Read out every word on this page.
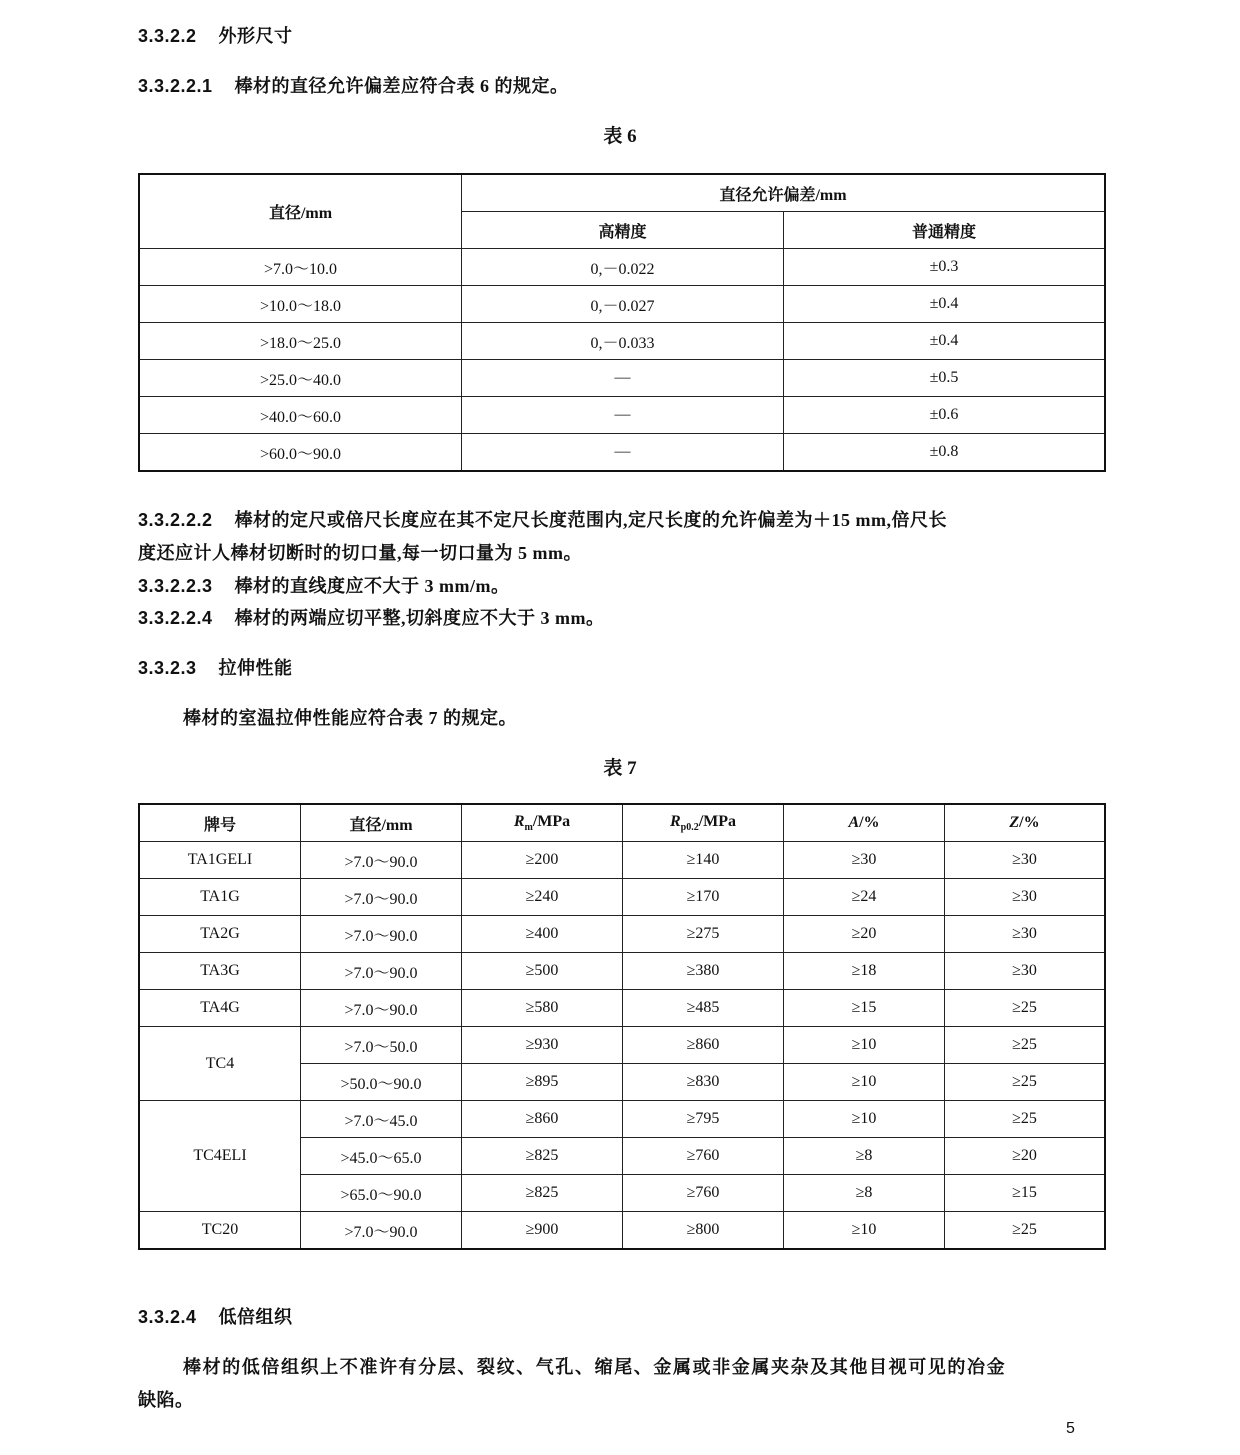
3.3.2.2 外形尺寸
3.3.2.2.1 棒材的直径允许偏差应符合表 6 的规定。
表 6
直径/mm	直径允许偏差/mm	
	高精度	普通精度
>7.0～10.0	0,－0.022	±0.3
>10.0～18.0	0,－0.027	±0.4
>18.0～25.0	0,－0.033	±0.4
>25.0～40.0	—	±0.5
>40.0～60.0	—	±0.6
>60.0～90.0	—	±0.8
3.3.2.2.2 棒材的定尺或倍尺长度应在其不定尺长度范围内,定尺长度的允许偏差为＋15 mm,倍尺长
度还应计人棒材切断时的切口量,每一切口量为 5 mm。
3.3.2.2.3 棒材的直线度应不大于 3 mm/m。
3.3.2.2.4 棒材的两端应切平整,切斜度应不大于 3 mm。
3.3.2.3 拉伸性能
棒材的室温拉伸性能应符合表 7 的规定。
表 7
牌号	直径/mm	$R_m$/MPa	$R_{p0.2}$/MPa	A/%	Z/%
TA1GELI	>7.0～90.0	≥200	≥140	≥30	≥30
TA1G	>7.0～90.0	≥240	≥170	≥24	≥30
TA2G	>7.0～90.0	≥400	≥275	≥20	≥30
TA3G	>7.0～90.0	≥500	≥380	≥18	≥30
TA4G	>7.0～90.0	≥580	≥485	≥15	≥25
TC4	>7.0～50.0	≥930	≥860	≥10	≥25
	>50.0～90.0	≥895	≥830	≥10	≥25
TC4ELI	>7.0～45.0	≥860	≥795	≥10	≥25
	>45.0～65.0	≥825	≥760	≥8	≥20
	>65.0～90.0	≥825	≥760	≥8	≥15
TC20	>7.0～90.0	≥900	≥800	≥10	≥25
3.3.2.4 低倍组织
棒材的低倍组织上不准许有分层、裂纹、气孔、缩尾、金属或非金属夹杂及其他目视可见的冶金
缺陷。
5
